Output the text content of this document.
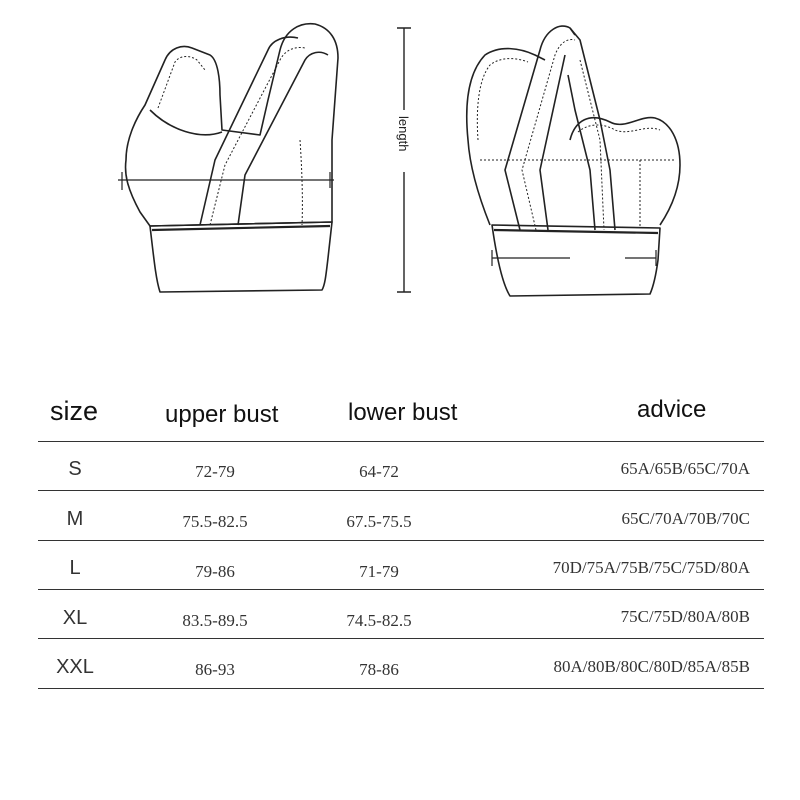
length
size	upper bust	lower bust	advice
S	72-79	64-72	65A/65B/65C/70A
M	75.5-82.5	67.5-75.5	65C/70A/70B/70C
L	79-86	71-79	70D/75A/75B/75C/75D/80A
XL	83.5-89.5	74.5-82.5	75C/75D/80A/80B
XXL	86-93	78-86	80A/80B/80C/80D/85A/85B
